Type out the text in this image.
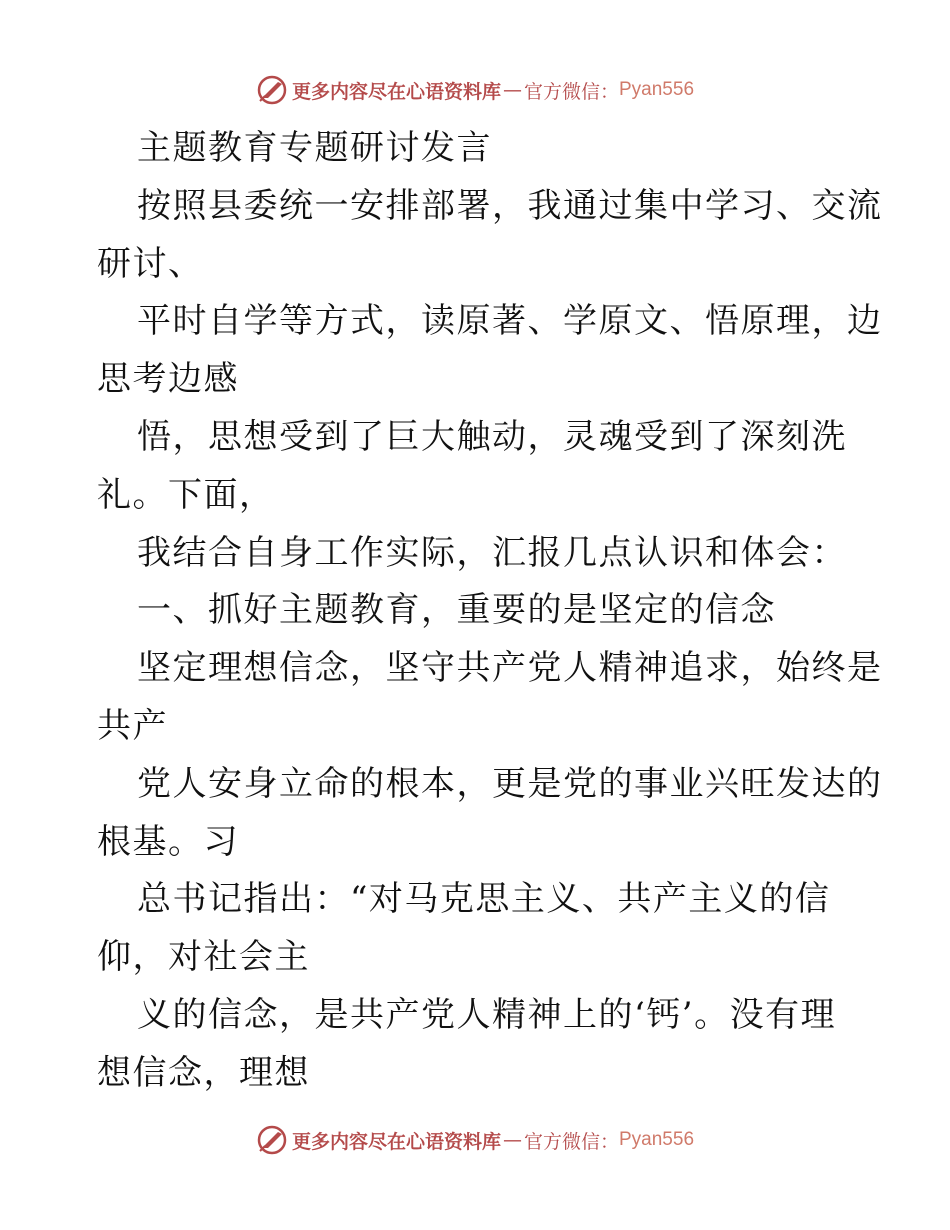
更多内容尽在心语资料库 — 官方微信： Pyan556
主题教育专题研讨发言
按照县委统一安排部署，我通过集中学习、交流
研讨、
平时自学等方式，读原著、学原文、悟原理，边
思考边感
悟，思想受到了巨大触动，灵魂受到了深刻洗
礼。下面，
我结合自身工作实际，汇报几点认识和体会：
一、抓好主题教育，重要的是坚定的信念
坚定理想信念，坚守共产党人精神追求，始终是
共产
党人安身立命的根本，更是党的事业兴旺发达的
根基。习
总书记指出：“对马克思主义、共产主义的信
仰，对社会主
义的信念，是共产党人精神上的‘钙’。没有理
想信念，理想
更多内容尽在心语资料库 — 官方微信： Pyan556
